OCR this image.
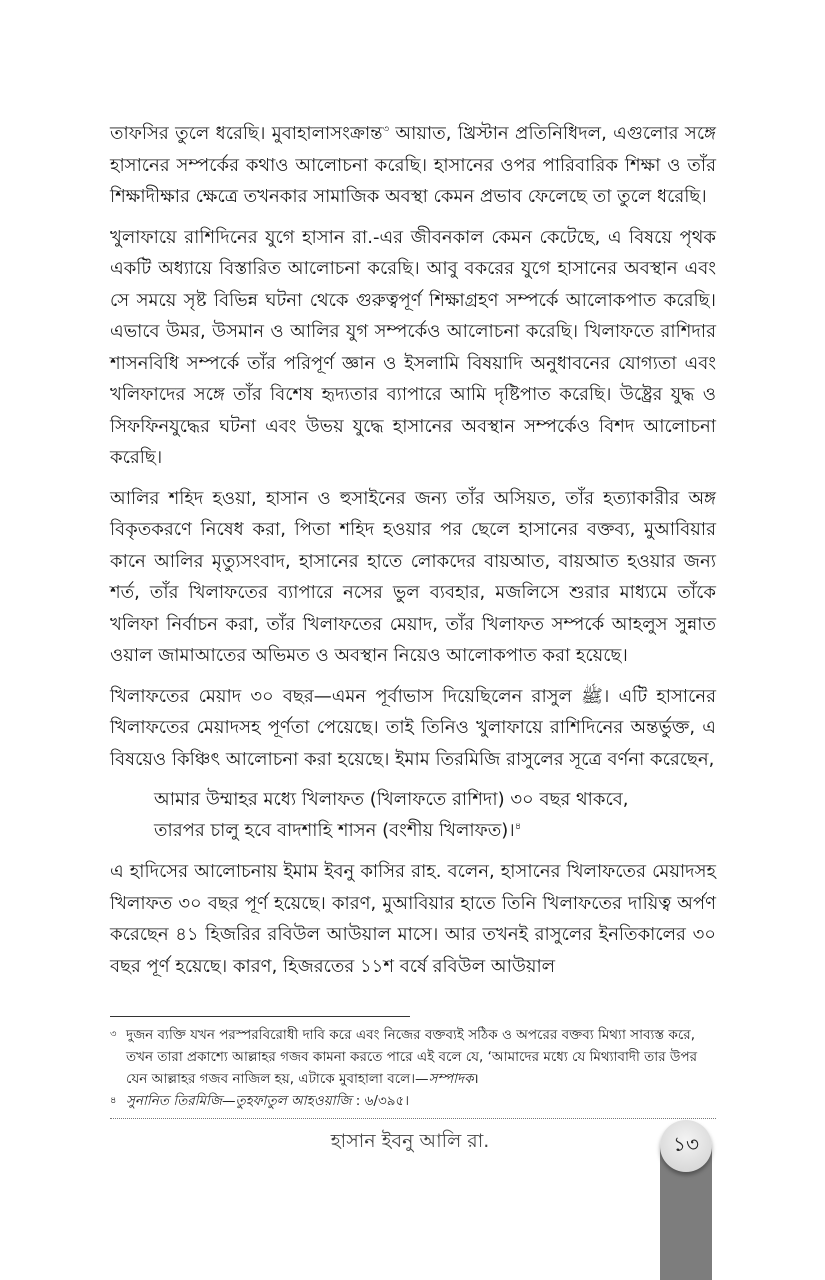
তাফসির তুলে ধরেছি। মুবাহালাসংক্রান্ত$^৩$ আয়াত, খ্রিস্টান প্রতিনিধিদল, এগুলোর সঙ্গে হাসানের সম্পর্কের কথাও আলোচনা করেছি। হাসানের ওপর পারিবারিক শিক্ষা ও তাঁর শিক্ষাদীক্ষার ক্ষেত্রে তখনকার সামাজিক অবস্থা কেমন প্রভাব ফেলেছে তা তুলে ধরেছি।

খুলাফায়ে রাশিদিনের যুগে হাসান রা.-এর জীবনকাল কেমন কেটেছে, এ বিষয়ে পৃথক একটি অধ্যায়ে বিস্তারিত আলোচনা করেছি। আবু বকরের যুগে হাসানের অবস্থান এবং সে সময়ে সৃষ্ট বিভিন্ন ঘটনা থেকে গুরুত্বপূর্ণ শিক্ষাগ্রহণ সম্পর্কে আলোকপাত করেছি। এভাবে উমর, উসমান ও আলির যুগ সম্পর্কেও আলোচনা করেছি। খিলাফতে রাশিদার শাসনবিধি সম্পর্কে তাঁর পরিপূর্ণ জ্ঞান ও ইসলামি বিষয়াদি অনুধাবনের যোগ্যতা এবং খলিফাদের সঙ্গে তাঁর বিশেষ হৃদ্যতার ব্যাপারে আমি দৃষ্টিপাত করেছি। উষ্ট্রের যুদ্ধ ও সিফফিনযুদ্ধের ঘটনা এবং উভয় যুদ্ধে হাসানের অবস্থান সম্পর্কেও বিশদ আলোচনা করেছি।

আলির শহিদ হওয়া, হাসান ও হুসাইনের জন্য তাঁর অসিয়ত, তাঁর হত্যাকারীর অঙ্গ বিকৃতকরণে নিষেধ করা, পিতা শহিদ হওয়ার পর ছেলে হাসানের বক্তব্য, মুআবিয়ার কানে আলির মৃত্যুসংবাদ, হাসানের হাতে লোকদের বায়আত, বায়আত হওয়ার জন্য শর্ত, তাঁর খিলাফতের ব্যাপারে নসের ভুল ব্যবহার, মজলিসে শুরার মাধ্যমে তাঁকে খলিফা নির্বাচন করা, তাঁর খিলাফতের মেয়াদ, তাঁর খিলাফত সম্পর্কে আহলুস সুন্নাত ওয়াল জামাআতের অভিমত ও অবস্থান নিয়েও আলোকপাত করা হয়েছে।

খিলাফতের মেয়াদ ৩০ বছর—এমন পূর্বাভাস দিয়েছিলেন রাসুল ﷺ। এটি হাসানের খিলাফতের মেয়াদসহ পূর্ণতা পেয়েছে। তাই তিনিও খুলাফায়ে রাশিদিনের অন্তর্ভুক্ত, এ বিষয়েও কিঞ্চিৎ আলোচনা করা হয়েছে। ইমাম তিরমিজি রাসুলের সূত্রে বর্ণনা করেছেন,

আমার উম্মাহর মধ্যে খিলাফত (খিলাফতে রাশিদা) ৩০ বছর থাকবে,
তারপর চালু হবে বাদশাহি শাসন (বংশীয় খিলাফত)।$^৪$

এ হাদিসের আলোচনায় ইমাম ইবনু কাসির রাহ. বলেন, হাসানের খিলাফতের মেয়াদসহ খিলাফত ৩০ বছর পূর্ণ হয়েছে। কারণ, মুআবিয়ার হাতে তিনি খিলাফতের দায়িত্ব অর্পণ করেছেন ৪১ হিজরির রবিউল আউয়াল মাসে। আর তখনই রাসুলের ইনতিকালের ৩০ বছর পূর্ণ হয়েছে। কারণ, হিজরতের ১১শ বর্ষে রবিউল আউয়াল

৩ দুজন ব্যক্তি যখন পরস্পরবিরোধী দাবি করে এবং নিজের বক্তব্যই সঠিক ও অপরের বক্তব্য মিথ্যা সাব্যস্ত করে, তখন তারা প্রকাশ্যে আল্লাহর গজব কামনা করতে পারে এই বলে যে, ‘আমাদের মধ্যে যে মিথ্যাবাদী তার উপর যেন আল্লাহর গজব নাজিল হয়, এটাকে মুবাহালা বলে।—সম্পাদক।
৪ সুনানিত তিরমিজি—তুহফাতুল আহওয়াজি : ৬/৩৯৫।
হাসান ইবনু আলি রা.	১৩
